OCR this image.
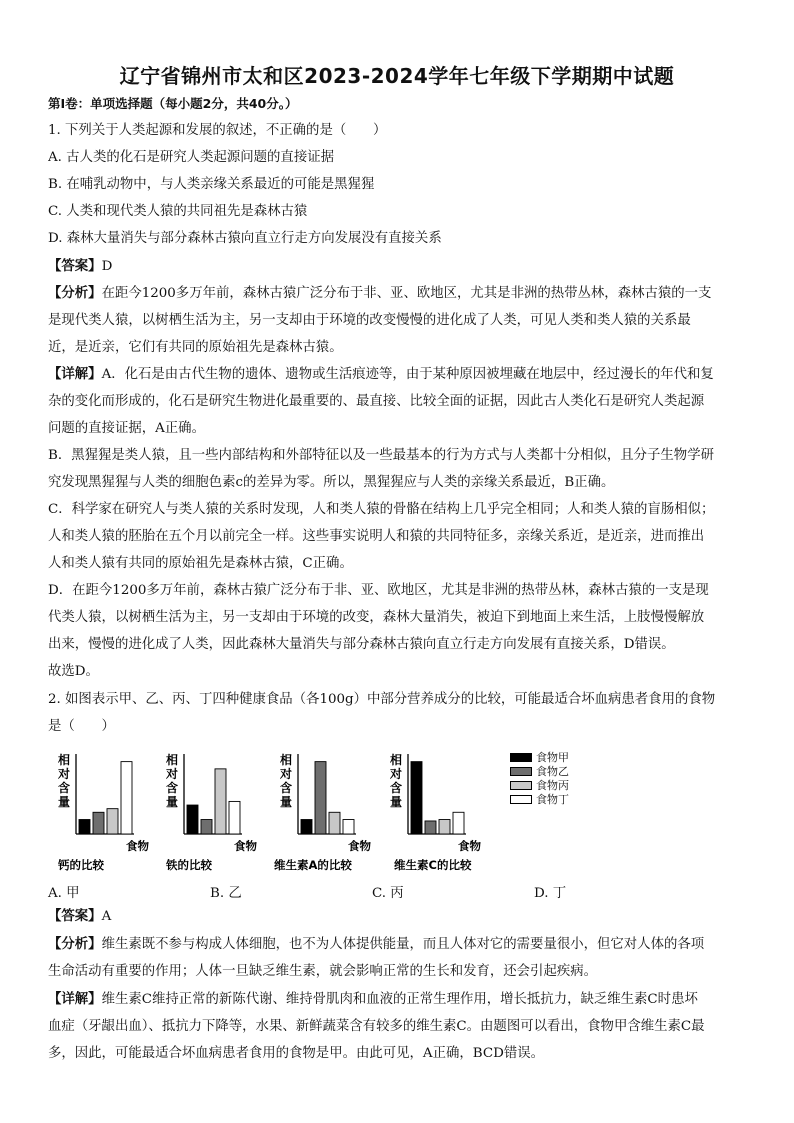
辽宁省锦州市太和区2023-2024学年七年级下学期期中试题
第Ⅰ卷：单项选择题（每小题2分，共40分。）
1. 下列关于人类起源和发展的叙述，不正确的是（　　）
A. 古人类的化石是研究人类起源问题的直接证据
B. 在哺乳动物中，与人类亲缘关系最近的可能是黑猩猩
C. 人类和现代类人猿的共同祖先是森林古猿
D. 森林大量消失与部分森林古猿向直立行走方向发展没有直接关系
【答案】D
【分析】在距今1200多万年前，森林古猿广泛分布于非、亚、欧地区，尤其是非洲的热带丛林，森林古猿的一支
是现代类人猿，以树栖生活为主，另一支却由于环境的改变慢慢的进化成了人类，可见人类和类人猿的关系最
近，是近亲，它们有共同的原始祖先是森林古猿。
【详解】A．化石是由古代生物的遗体、遗物或生活痕迹等，由于某种原因被埋藏在地层中，经过漫长的年代和复
杂的变化而形成的，化石是研究生物进化最重要的、最直接、比较全面的证据，因此古人类化石是研究人类起源
问题的直接证据，A正确。
B．黑猩猩是类人猿，且一些内部结构和外部特征以及一些最基本的行为方式与人类都十分相似，且分子生物学研
究发现黑猩猩与人类的细胞色素c的差异为零。所以，黑猩猩应与人类的亲缘关系最近，B正确。
C．科学家在研究人与类人猿的关系时发现，人和类人猿的骨骼在结构上几乎完全相同；人和类人猿的盲肠相似；
人和类人猿的胚胎在五个月以前完全一样。这些事实说明人和猿的共同特征多，亲缘关系近，是近亲，进而推出
人和类人猿有共同的原始祖先是森林古猿，C正确。
D．在距今1200多万年前，森林古猿广泛分布于非、亚、欧地区，尤其是非洲的热带丛林，森林古猿的一支是现
代类人猿，以树栖生活为主，另一支却由于环境的改变，森林大量消失，被迫下到地面上来生活，上肢慢慢解放
出来，慢慢的进化成了人类，因此森林大量消失与部分森林古猿向直立行走方向发展有直接关系，D错误。
故选D。
2. 如图表示甲、乙、丙、丁四种健康食品（各100g）中部分营养成分的比较，可能最适合坏血病患者食用的食物
是（　　）
相
对
含
量
食物
钙的比较
相
对
含
量
食物
铁的比较
相
对
含
量
食物
维生素A的比较
相
对
含
量
食物
维生素C的比较
食物甲
食物乙
食物丙
食物丁
A. 甲	B. 乙	C. 丙	D. 丁
【答案】A
【分析】维生素既不参与构成人体细胞，也不为人体提供能量，而且人体对它的需要量很小，但它对人体的各项
生命活动有重要的作用；人体一旦缺乏维生素，就会影响正常的生长和发育，还会引起疾病。
【详解】维生素C维持正常的新陈代谢、维持骨肌肉和血液的正常生理作用，增长抵抗力，缺乏维生素C时患坏
血症（牙龈出血）、抵抗力下降等，水果、新鲜蔬菜含有较多的维生素C。由题图可以看出，食物甲含维生素C最
多，因此，可能最适合坏血病患者食用的食物是甲。由此可见，A正确，BCD错误。
